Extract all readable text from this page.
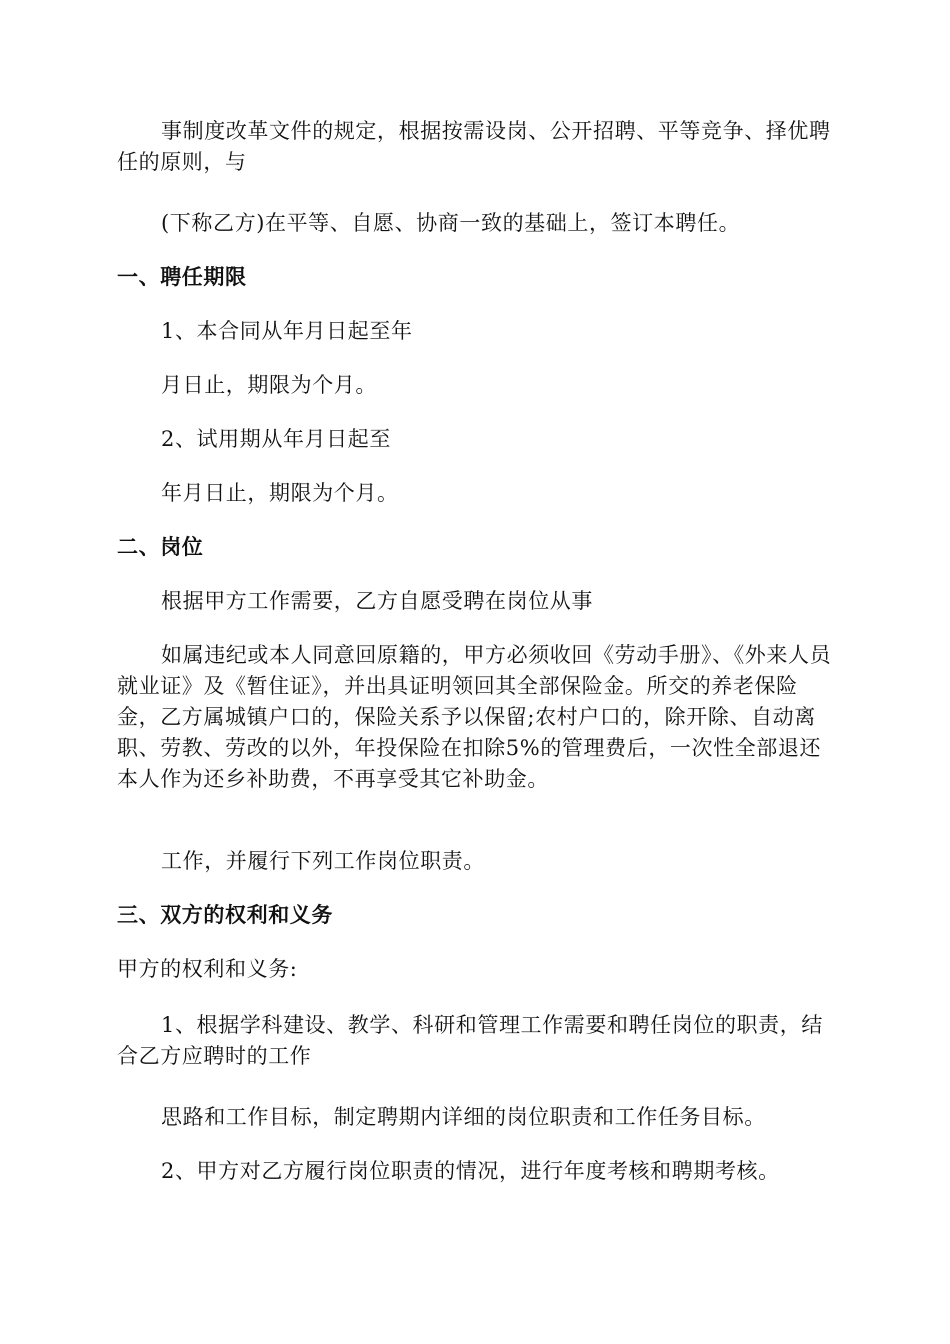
事制度改革文件的规定，根据按需设岗、公开招聘、平等竞争、择优聘任的原则，与
(下称乙方)在平等、自愿、协商一致的基础上，签订本聘任。
一、聘任期限
1、本合同从年月日起至年
月日止，期限为个月。
2、试用期从年月日起至
年月日止，期限为个月。
二、岗位
根据甲方工作需要，乙方自愿受聘在岗位从事
如属违纪或本人同意回原籍的，甲方必须收回《劳动手册》、《外来人员就业证》及《暂住证》，并出具证明领回其全部保险金。所交的养老保险金，乙方属城镇户口的，保险关系予以保留;农村户口的，除开除、自动离职、劳教、劳改的以外，年投保险在扣除5%的管理费后，一次性全部退还本人作为还乡补助费，不再享受其它补助金。
工作，并履行下列工作岗位职责。
三、双方的权利和义务
甲方的权利和义务:
1、根据学科建设、教学、科研和管理工作需要和聘任岗位的职责，结合乙方应聘时的工作
思路和工作目标，制定聘期内详细的岗位职责和工作任务目标。
2、甲方对乙方履行岗位职责的情况，进行年度考核和聘期考核。
